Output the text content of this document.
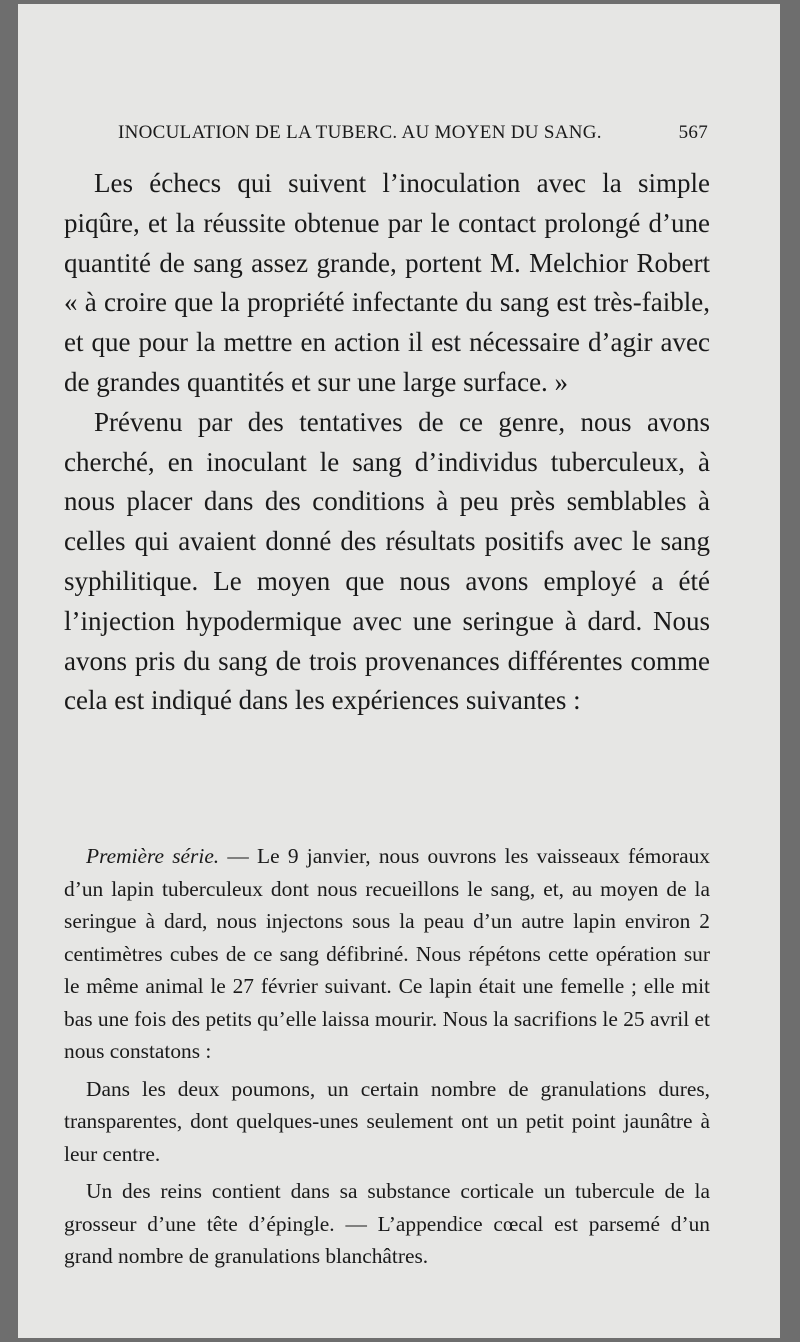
INOCULATION DE LA TUBERC. AU MOYEN DU SANG.	567

Les échecs qui suivent l’inoculation avec la simple piqûre, et la réussite obtenue par le contact prolongé d’une quantité de sang assez grande, portent M. Melchior Robert « à croire que la propriété infectante du sang est très-faible, et que pour la mettre en action il est nécessaire d’agir avec de grandes quantités et sur une large surface. »

Prévenu par des tentatives de ce genre, nous avons cherché, en inoculant le sang d’individus tuberculeux, à nous placer dans des conditions à peu près semblables à celles qui avaient donné des résultats positifs avec le sang syphilitique. Le moyen que nous avons employé a été l’injection hypodermique avec une seringue à dard. Nous avons pris du sang de trois provenances différentes comme cela est indiqué dans les expériences suivantes :

Première série. — Le 9 janvier, nous ouvrons les vaisseaux fémoraux d’un lapin tuberculeux dont nous recueillons le sang, et, au moyen de la seringue à dard, nous injectons sous la peau d’un autre lapin environ 2 centimètres cubes de ce sang défibriné. Nous répétons cette opération sur le même animal le 27 février suivant. Ce lapin était une femelle ; elle mit bas une fois des petits qu’elle laissa mourir. Nous la sacrifions le 25 avril et nous constatons :

Dans les deux poumons, un certain nombre de granulations dures, transparentes, dont quelques-unes seulement ont un petit point jaunâtre à leur centre.

Un des reins contient dans sa substance corticale un tubercule de la grosseur d’une tête d’épingle. — L’appendice cœcal est parsemé d’un grand nombre de granulations blanchâtres.
